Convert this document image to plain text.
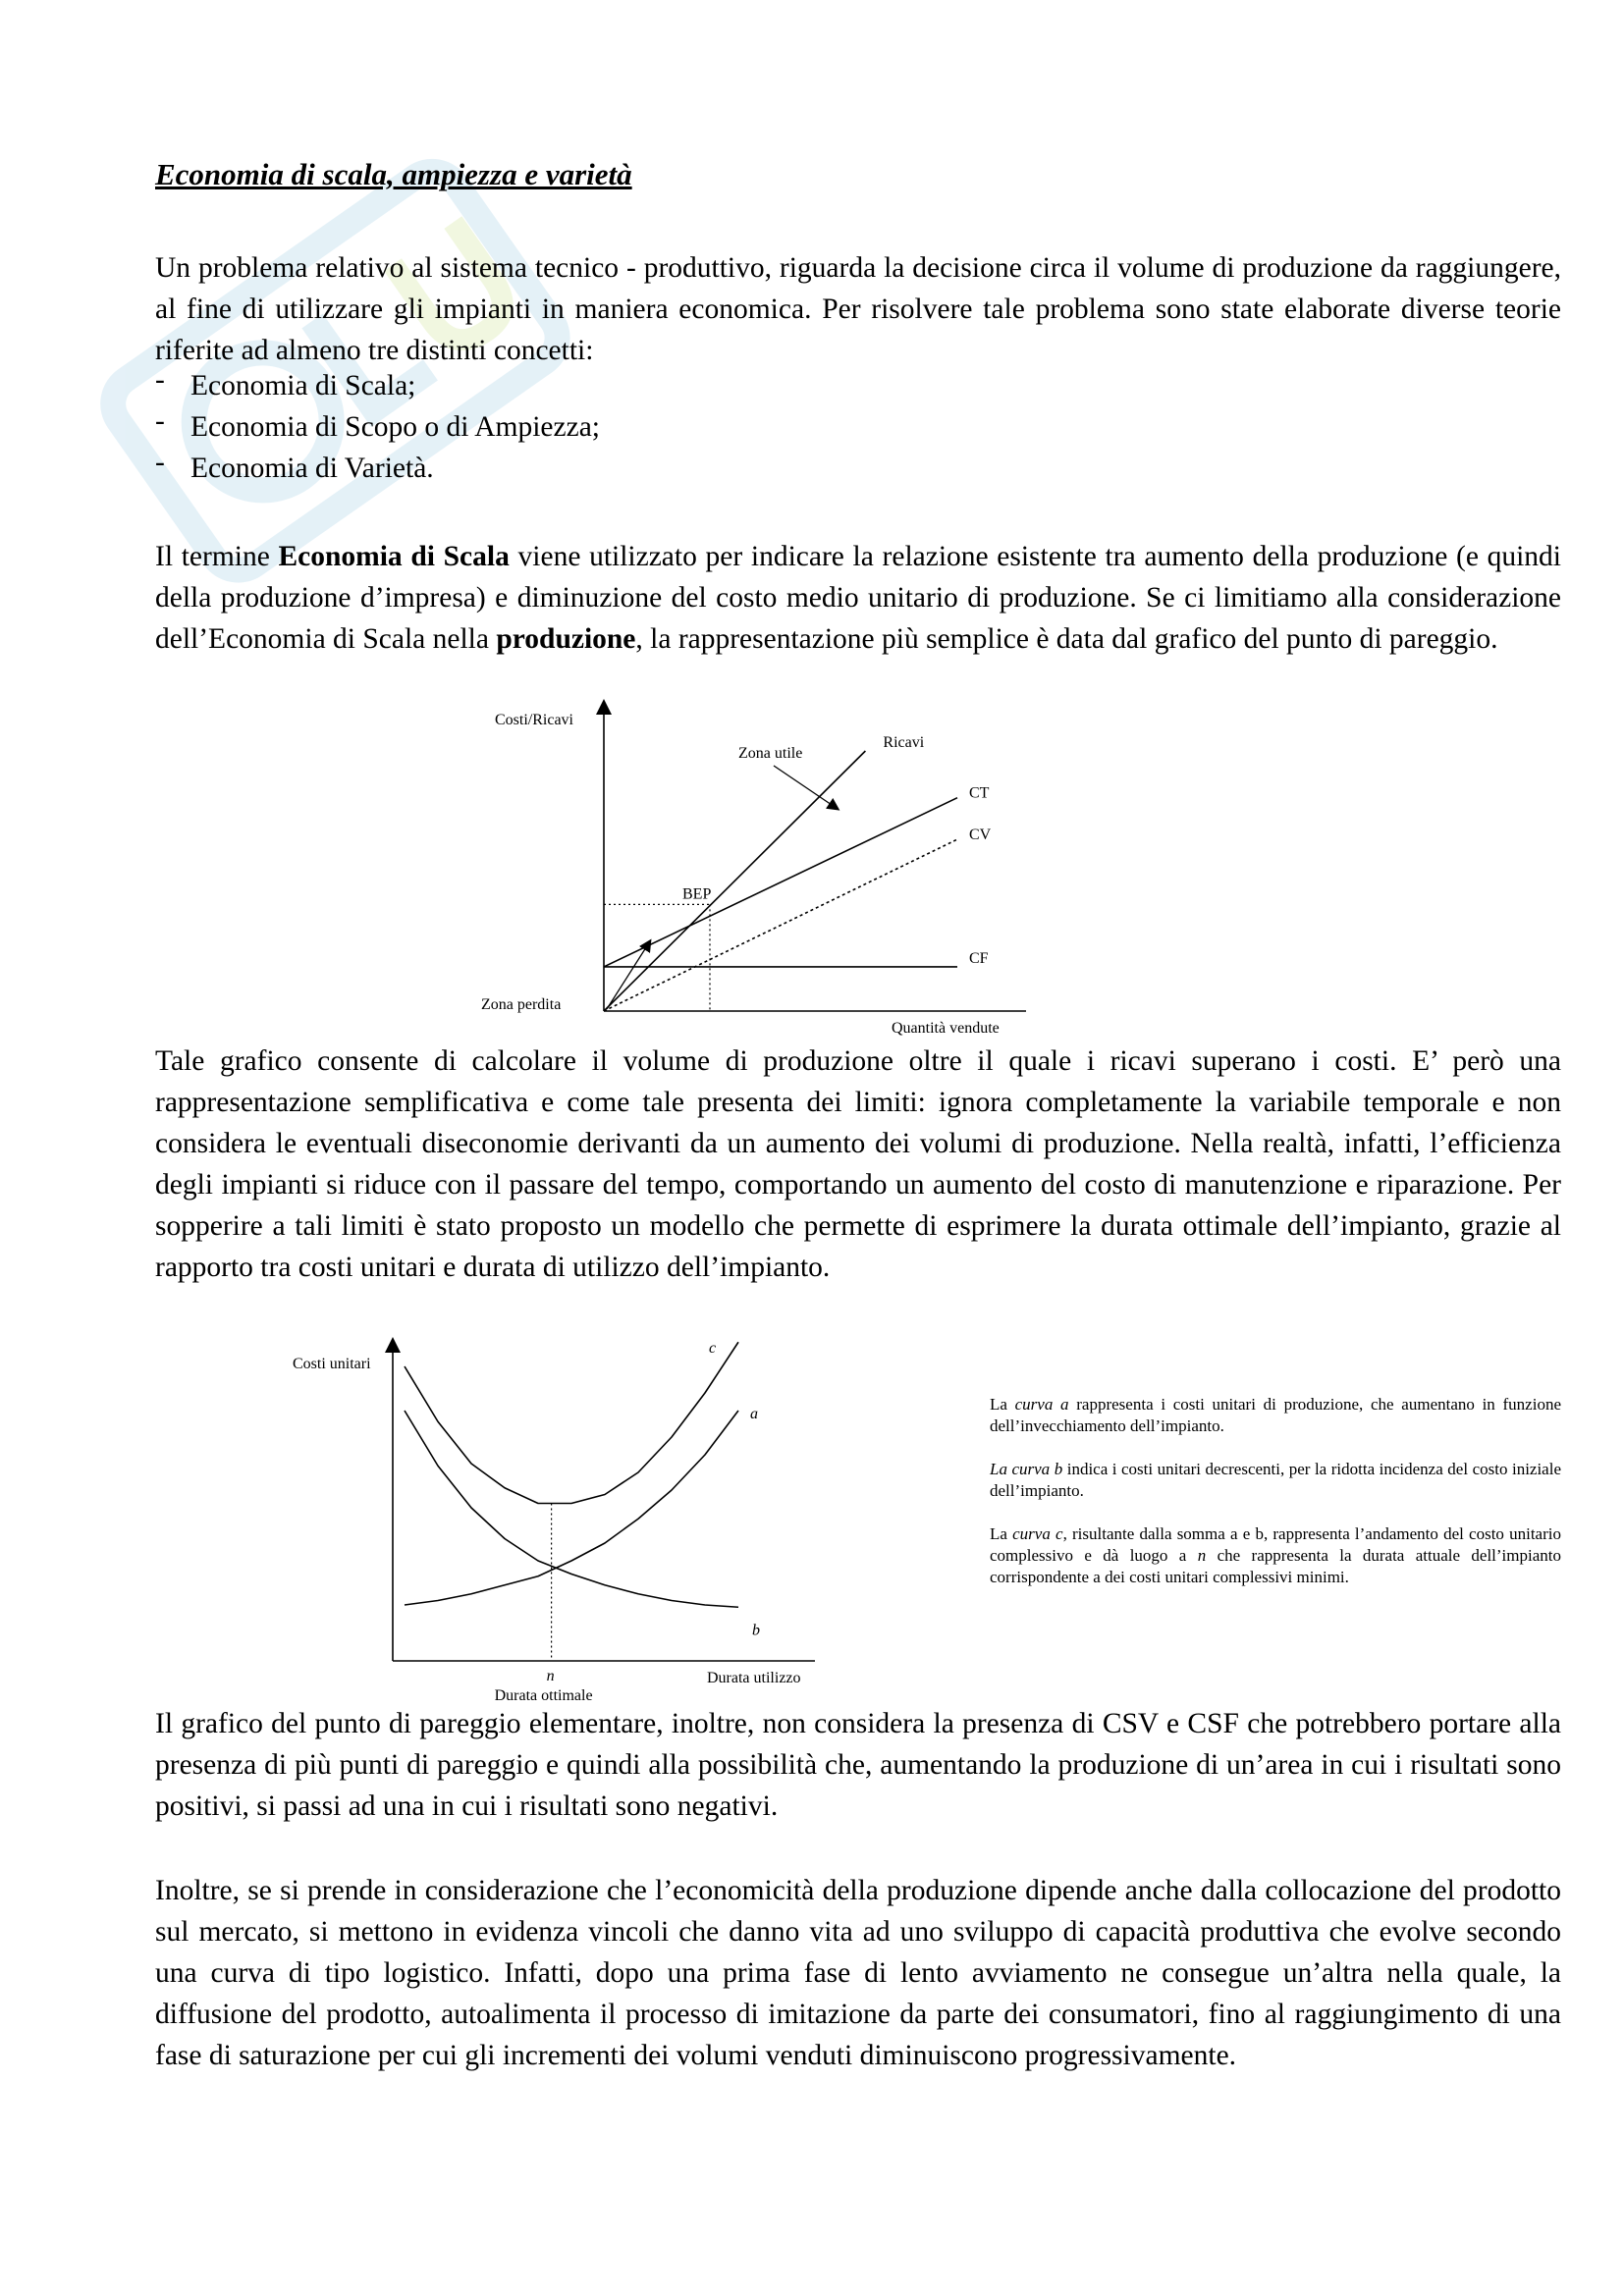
Economia di scala, ampiezza e varietà

Un problema relativo al sistema tecnico - produttivo, riguarda la decisione circa il volume di produzione da raggiungere, al fine di utilizzare gli impianti in maniera economica. Per risolvere tale problema sono state elaborate diverse teorie riferite ad almeno tre distinti concetti:

- Economia di Scala;
- Economia di Scopo o di Ampiezza;
- Economia di Varietà.

Il termine Economia di Scala viene utilizzato per indicare la relazione esistente tra aumento della produzione (e quindi della produzione d’impresa) e diminuzione del costo medio unitario di produzione. Se ci limitiamo alla considerazione dell’Economia di Scala nella produzione, la rappresentazione più semplice è data dal grafico del punto di pareggio.

Costi/Ricavi
Quantità vendute
Ricavi
CT
CV
CF
BEP
Zona utile
Zona perdita

Tale grafico consente di calcolare il volume di produzione oltre il quale i ricavi superano i costi. E’ però una rappresentazione semplificativa e come tale presenta dei limiti: ignora completamente la variabile temporale e non considera le eventuali diseconomie derivanti da un aumento dei volumi di produzione. Nella realtà, infatti, l’efficienza degli impianti si riduce con il passare del tempo, comportando un aumento del costo di manutenzione e riparazione. Per sopperire a tali limiti è stato proposto un modello che permette di esprimere la durata ottimale dell’impianto, grazie al rapporto tra costi unitari e durata di utilizzo dell’impianto.

Costi unitari
Durata utilizzo
a
b
c
n
Durata ottimale

La curva a rappresenta i costi unitari di produzione, che aumentano in funzione dell’invecchiamento dell’impianto.

La curva b indica i costi unitari decrescenti, per la ridotta incidenza del costo iniziale dell’impianto.

La curva c, risultante dalla somma a e b, rappresenta l’andamento del costo unitario complessivo e dà luogo a n che rappresenta la durata attuale dell’impianto corrispondente a dei costi unitari complessivi minimi.

Il grafico del punto di pareggio elementare, inoltre, non considera la presenza di CSV e CSF che potrebbero portare alla presenza di più punti di pareggio e quindi alla possibilità che, aumentando la produzione di un’area in cui i risultati sono positivi, si passi ad una in cui i risultati sono negativi.

Inoltre, se si prende in considerazione che l’economicità della produzione dipende anche dalla collocazione del prodotto sul mercato, si mettono in evidenza vincoli che danno vita ad uno sviluppo di capacità produttiva che evolve secondo una curva di tipo logistico. Infatti, dopo una prima fase di lento avviamento ne consegue un’altra nella quale, la diffusione del prodotto, autoalimenta il processo di imitazione da parte dei consumatori, fino al raggiungimento di una fase di saturazione per cui gli incrementi dei volumi venduti diminuiscono progressivamente.
